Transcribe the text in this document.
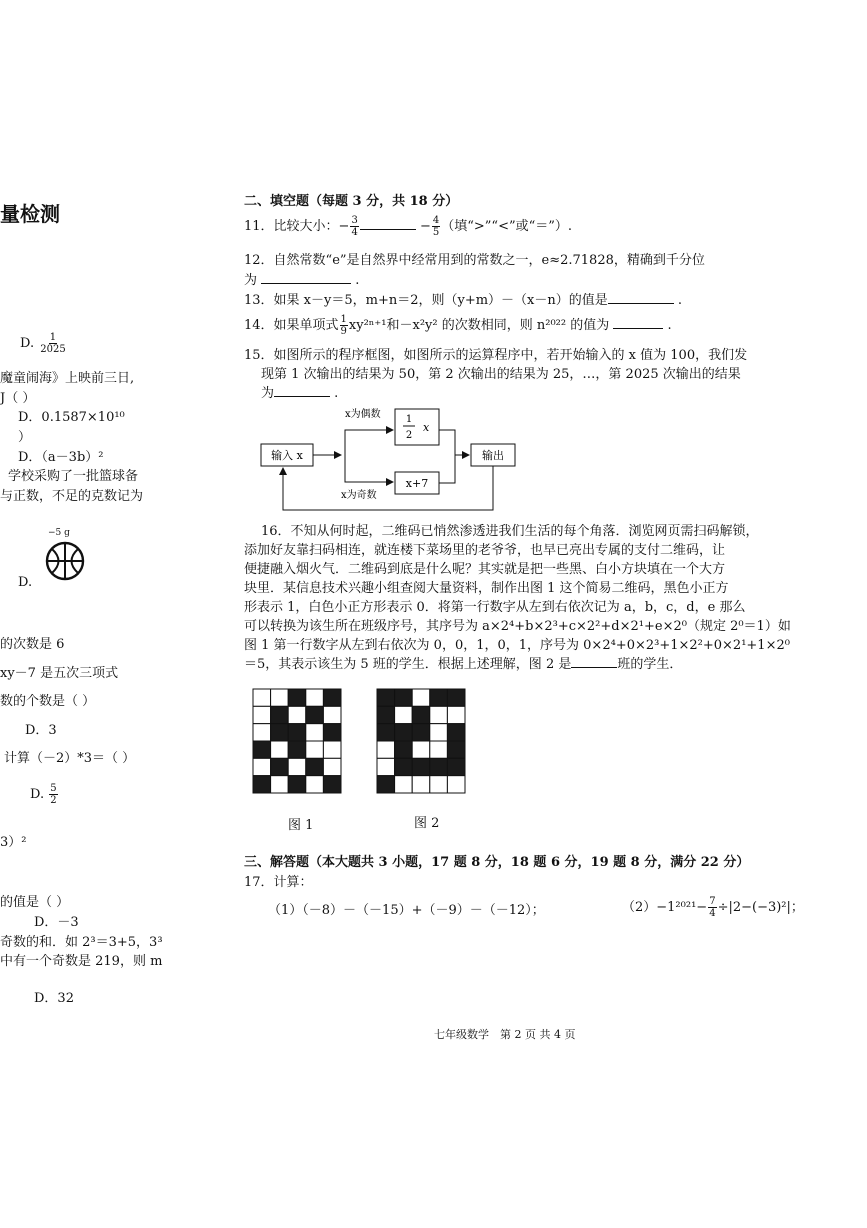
量检测
D. $\frac{1}{2025}$
魔童闹海》上映前三日,
J（ ）
D．0.1587×10¹⁰
）
D．（a－3b）²
学校采购了一批篮球备
与正数，不足的克数记为
−5 g
D.
的次数是 6
xy－7 是五次三项式
数的个数是（ ）
D．3
计算（－2）*3＝（ ）
D. $\frac{5}{2}$
3）²
的值是（ ）
D．－3
奇数的和．如 2³＝3+5，3³
中有一个奇数是 219，则 m
D．32
二、填空题（每题 3 分，共 18 分）
11．比较大小：− $\frac{3}{4}$	− $\frac{4}{5}$ （填“>”“<”或“＝”）.
12．自然常数“e”是自然界中经常用到的常数之一，e≈2.71828，精确到千分位
为	.
13．如果 x－y＝5，m+n＝2，则（y+m）－（x－n）的值是	.
14．如果单项式 $\frac{1}{9} xy^{2n+1}$和－x²y² 的次数相同，则 n²⁰²² 的值为	.

15．如图所示的程序框图，如图所示的运算程序中，若开始输入的 x 值为 100，我们发

现第 1 次输出的结果为 50，第 2 次输出的结果为 25，…，第 2025 次输出的结果

为	.

输入 x
x为偶数
x为奇数
1
2
x
x+7
输出

16．不知从何时起，二维码已悄然渗透进我们生活的每个角落．浏览网页需扫码解锁，

添加好友靠扫码相连，就连楼下菜场里的老爷爷，也早已亮出专属的支付二维码，让

便捷融入烟火气．二维码到底是什么呢？其实就是把一些黑、白小方块填在一个大方

块里．某信息技术兴趣小组查阅大量资料，制作出图 1 这个简易二维码，黑色小正方

形表示 1，白色小正方形表示 0．将第一行数字从左到右依次记为 a，b，c，d，e 那么

可以转换为该生所在班级序号，其序号为 a×2⁴+b×2³+c×2²+d×2¹+e×2⁰（规定 2⁰＝1）如

图 1 第一行数字从左到右依次为 0，0，1，0，1，序号为 0×2⁴+0×2³+1×2²+0×2¹+1×2⁰

＝5，其表示该生为 5 班的学生．根据上述理解，图 2 是	班的学生．

图 1	图 2
三、解答题（本大题共 3 小题，17 题 8 分，18 题 6 分，19 题 8 分，满分 22 分）
17．计算：
（1）（－8）－（－15）+（－9）－（－12）；	$(2)-1^{2021}- \frac{7}{4} \div|2-(-3)^2|$；
七年级数学　第 2 页 共 4 页
